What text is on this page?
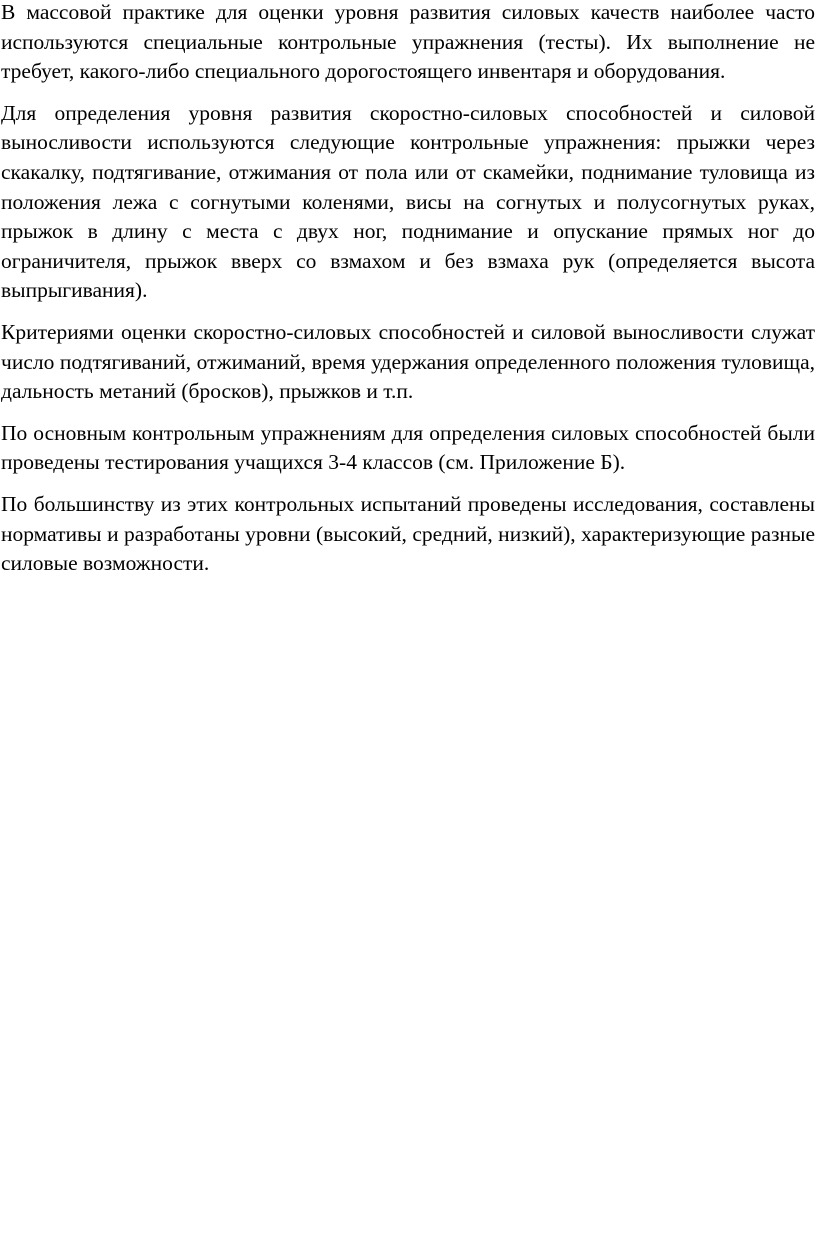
В массовой практике для оценки уровня развития силовых качеств наиболее часто используются специальные контрольные упражнения (тесты). Их выполнение не требует, какого-либо специального дорогостоящего инвентаря и оборудования.

Для определения уровня развития скоростно-силовых способностей и силовой выносливости используются следующие контрольные упражнения: прыжки через скакалку, подтягивание, отжимания от пола или от скамейки, поднимание туловища из положения лежа с согнутыми коленями, висы на согнутых и полусогнутых руках, прыжок в длину с места с двух ног, поднимание и опускание прямых ног до ограничителя, прыжок вверх со взмахом и без взмаха рук (определяется высота выпрыгивания).

Критериями оценки скоростно-силовых способностей и силовой выносливости служат число подтягиваний, отжиманий, время удержания определенного положения туловища, дальность метаний (бросков), прыжков и т.п.

По основным контрольным упражнениям для определения силовых способностей были проведены тестирования учащихся 3-4 классов (см. Приложение Б).

По большинству из этих контрольных испытаний проведены исследования, составлены нормативы и разработаны уровни (высокий, средний, низкий), характеризующие разные силовые возможности.
